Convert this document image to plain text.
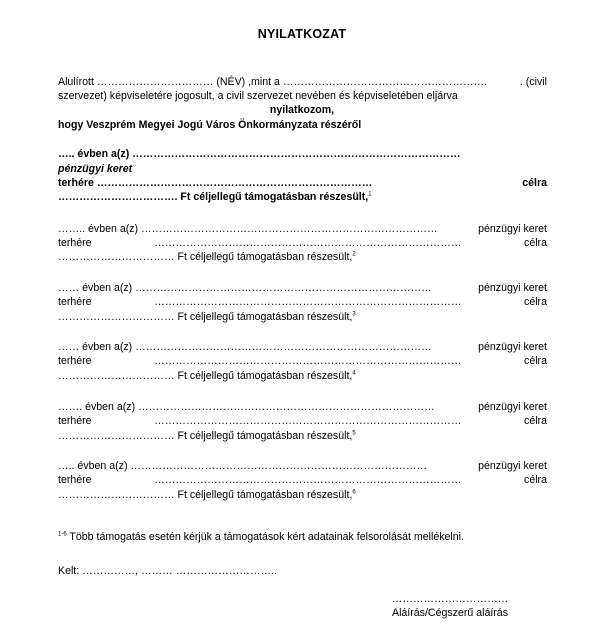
NYILATKOZAT
Alulírott …………………………… (NÉV) ,mint a ………………………………………………….	. (civil
szervezet) képviseletére jogosult, a civil szervezet nevében és képviseletében eljárva
nyilatkozom,
hogy Veszprém Megyei Jogú Város Önkormányzata részéről
….. évben a(z) …………………………………………………………………………………
pénzügyi keret
terhére ……………………………………………………………………	célra
……………………………. Ft céljellegű támogatásban részesült,$^1$
…….. évben a(z) …………………………………………………………………………	pénzügyi keret
terhére	……………………………………………………………………………	célra
…………………………… Ft céljellegű támogatásban részesült,$^2$
…… évben a(z) …………………………………………………………………………	pénzügyi keret
terhére	……………………………………………………………………………	célra
…………………………… Ft céljellegű támogatásban részesült,$^3$
…… évben a(z) …………………………………………………………………………	pénzügyi keret
terhére	……………………………………………………………………………	célra
…………………………… Ft céljellegű támogatásban részesült,$^4$
……. évben a(z) …………………………………………………………………………	pénzügyi keret
terhére	……………………………………………………………………………	célra
…………………………… Ft céljellegű támogatásban részesült,$^5$
….. évben a(z) …………………………………………………………………………	pénzügyi keret
terhére	……………………………………………………………………………	célra
…………………………… Ft céljellegű támogatásban részesült,$^6$
$^{1-6}$ Több támogatás esetén kérjük a támogatások kért adatainak felsorolását mellékelni.
Kelt: ……………, ……… ………………………..
……………………………
Aláírás/Cégszerű aláírás
